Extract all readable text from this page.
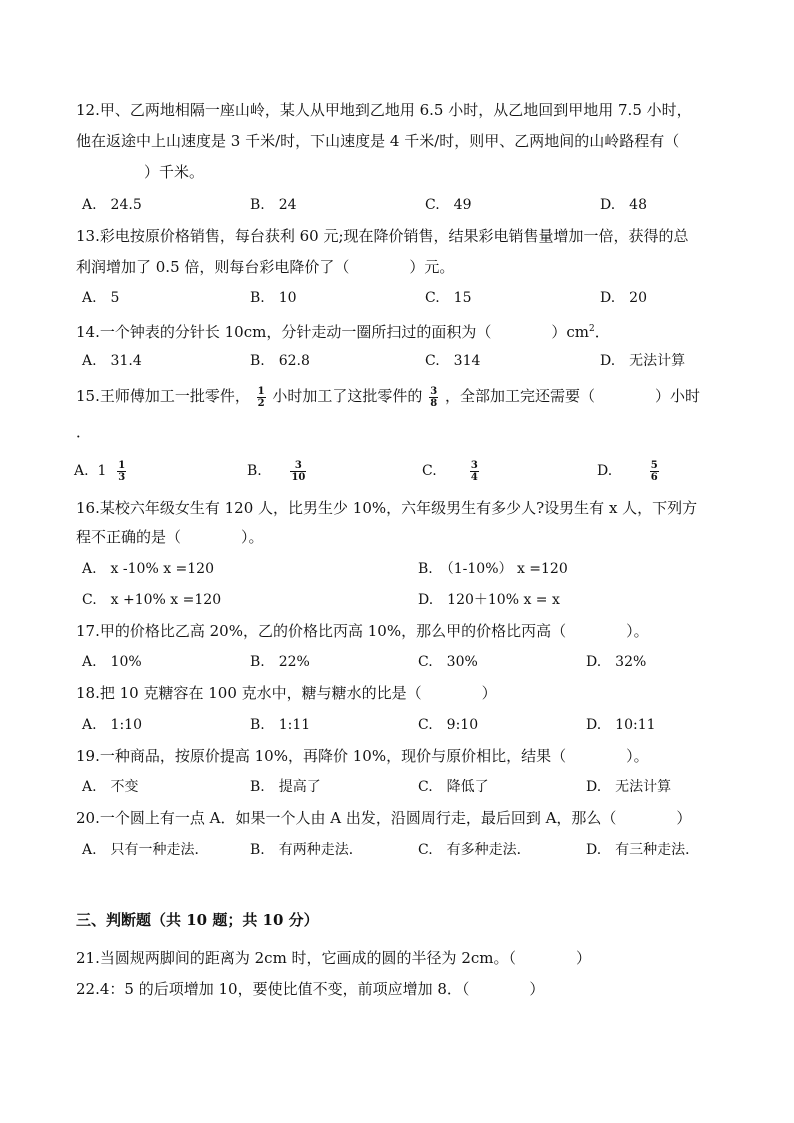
12.甲、乙两地相隔一座山岭，某人从甲地到乙地用 6.5 小时，从乙地回到甲地用 7.5 小时，
他在返途中上山速度是 3 千米/时，下山速度是 4 千米/时，则甲、乙两地间的山岭路程有（
）千米。
A.　24.5	B.　24	C.　49	D.　48
13.彩电按原价格销售，每台获利 60 元;现在降价销售，结果彩电销售量增加一倍，获得的总
利润增加了 0.5 倍，则每台彩电降价了（　　　　）元。
A.　5	B.　10	C.　15	D.　20
14.一个钟表的分针长 10cm，分针走动一圈所扫过的面积为（　　　　）$cm^2$．
A.　31.4	B.　62.8	C.　314	D.　无法计算
15.王师傅加工一批零件， $\frac{1}{2}$ 小时加工了这批零件的 $\frac{3}{8}$ ，全部加工完还需要（　　　　）小时
．
A. $1 \frac{1}{3}$	B.	$\frac{3}{10}$	C.	$\frac{3}{4}$	D.	$\frac{5}{6}$
16.某校六年级女生有 120 人，比男生少 10%，六年级男生有多少人?设男生有 x 人，下列方
程不正确的是（　　　　）。
A.　x -10% x =120	B.　（1-10%） x =120
C.　x +10% x =120	D.　120＋10% x = x
17.甲的价格比乙高 20%，乙的价格比丙高 10%，那么甲的价格比丙高（　　　　）。
A.　10%	B.　22%	C.　30%	D.　32%
18.把 10 克糖容在 100 克水中，糖与糖水的比是（　　　　）
A.　1:10	B.　1:11	C.　9:10	D.　10:11
19.一种商品，按原价提高 10%，再降价 10%，现价与原价相比，结果（　　　　）。
A.　不变	B.　提高了	C.　降低了	D.　无法计算
20.一个圆上有一点 A．如果一个人由 A 出发，沿圆周行走，最后回到 A，那么（　　　　）
A.　只有一种走法．	B.　有两种走法．	C.　有多种走法．	D.　有三种走法．
三、判断题（共 10 题；共 10 分）
21.当圆规两脚间的距离为 2cm 时，它画成的圆的半径为 2cm。（　　　　）
22.4：5 的后项增加 10，要使比值不变，前项应增加 8．（　　　　）
